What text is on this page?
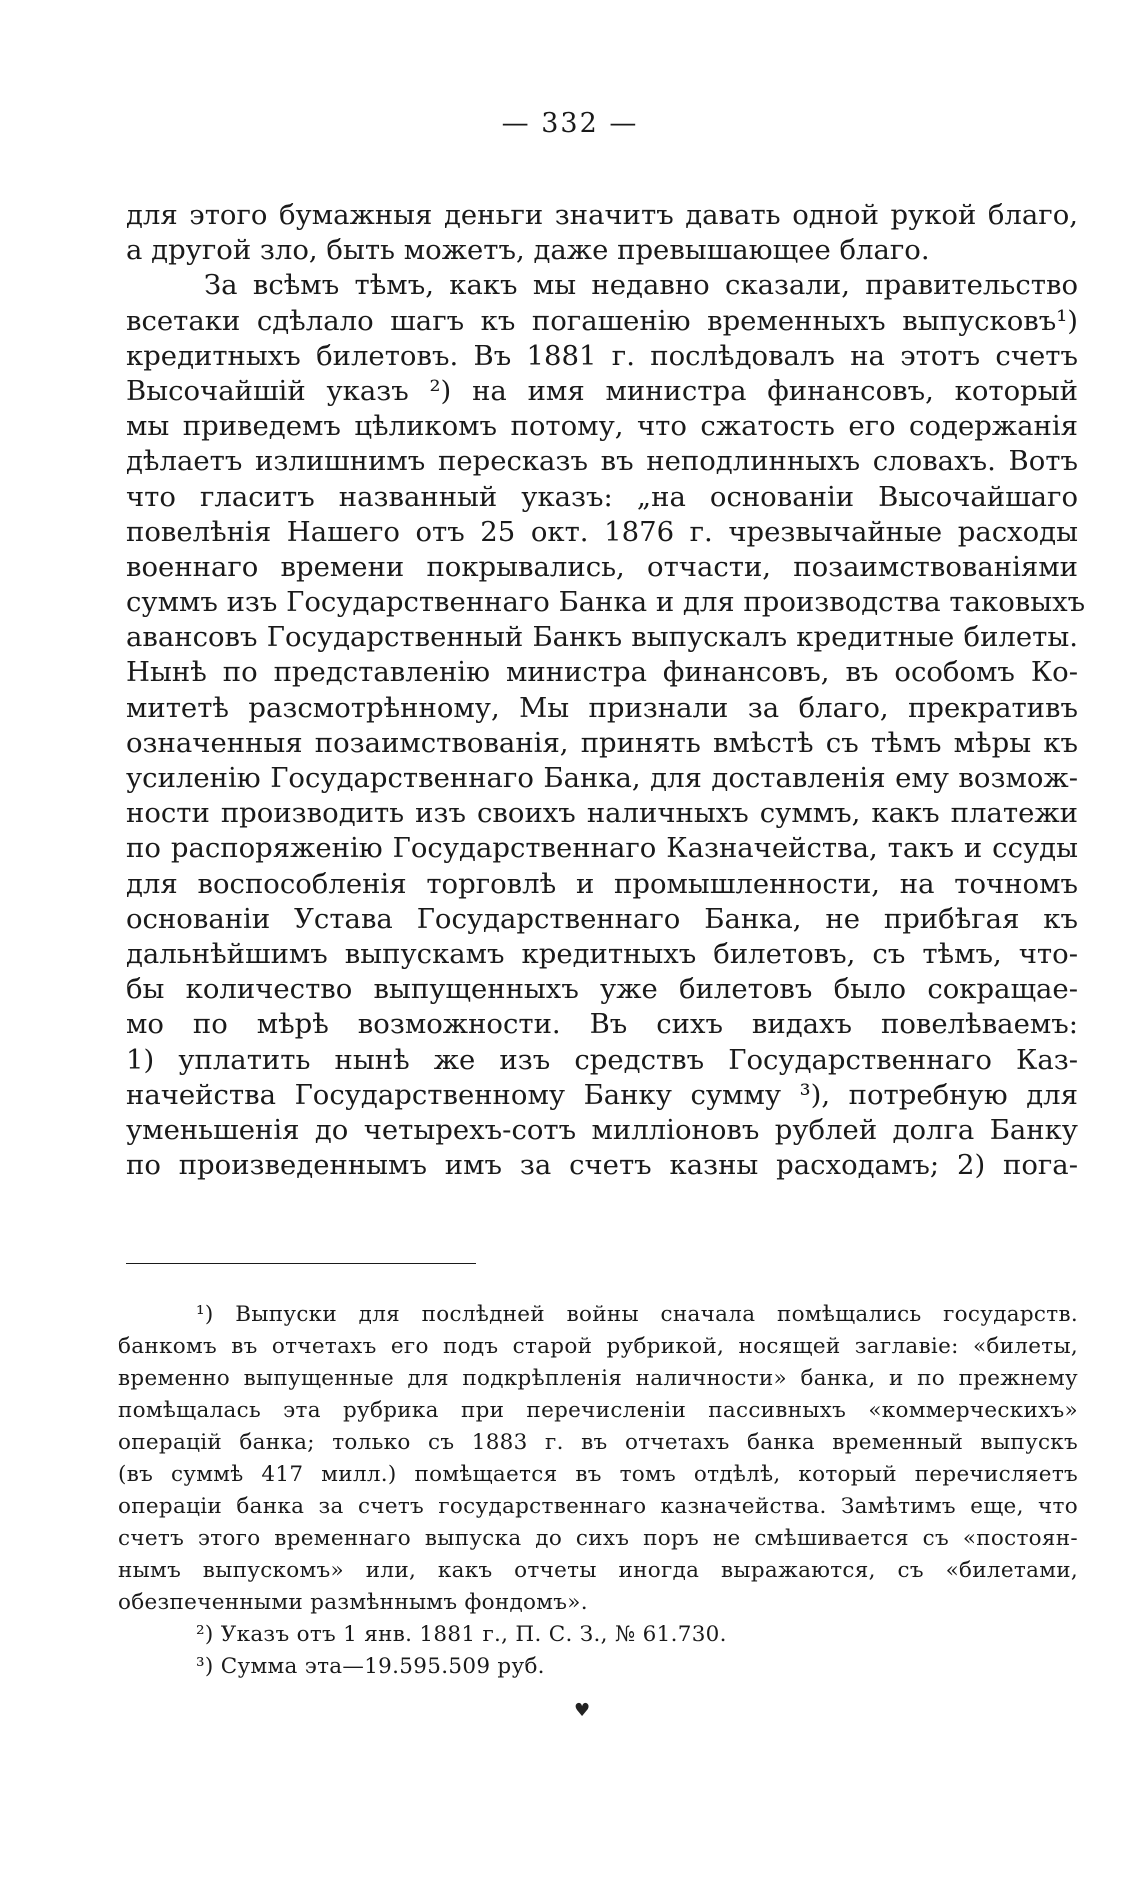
— 332 —
для этого бумажныя деньги значитъ давать одной рукой благо,
а другой зло, быть можетъ, даже превышающее благо.
За всѣмъ тѣмъ, какъ мы недавно сказали, правительство
всетаки сдѣлало шагъ къ погашенію временныхъ выпусковъ¹)
кредитныхъ билетовъ. Въ 1881 г. послѣдовалъ на этотъ счетъ
Высочайшій указъ ²) на имя министра финансовъ, который
мы приведемъ цѣликомъ потому, что сжатость его содержанія
дѣлаетъ излишнимъ пересказъ въ неподлинныхъ словахъ. Вотъ
что гласитъ названный указъ: „на основаніи Высочайшаго
повелѣнія Нашего отъ 25 окт. 1876 г. чрезвычайные расходы
военнаго времени покрывались, отчасти, позаимствованіями
суммъ изъ Государственнаго Банка и для производства таковыхъ
авансовъ Государственный Банкъ выпускалъ кредитные билеты.
Нынѣ по представленію министра финансовъ, въ особомъ Ко-
митетѣ разсмотрѣнному, Мы признали за благо, прекративъ
означенныя позаимствованія, принять вмѣстѣ съ тѣмъ мѣры къ
усиленію Государственнаго Банка, для доставленія ему возмож-
ности производить изъ своихъ наличныхъ суммъ, какъ платежи
по распоряженію Государственнаго Казначейства, такъ и ссуды
для воспособленія торговлѣ и промышленности, на точномъ
основаніи Устава Государственнаго Банка, не прибѣгая къ
дальнѣйшимъ выпускамъ кредитныхъ билетовъ, съ тѣмъ, что-
бы количество выпущенныхъ уже билетовъ было сокращае-
мо по мѣрѣ возможности. Въ сихъ видахъ повелѣваемъ:
1) уплатить нынѣ же изъ средствъ Государственнаго Каз-
начейства Государственному Банку сумму ³), потребную для
уменьшенія до четырехъ-сотъ милліоновъ рублей долга Банку
по произведеннымъ имъ за счетъ казны расходамъ; 2) пога-
¹) Выпуски для послѣдней войны сначала помѣщались государств.
банкомъ въ отчетахъ его подъ старой рубрикой, носящей заглавіе: «билеты,
временно выпущенные для подкрѣпленія наличности» банка, и по прежнему
помѣщалась эта рубрика при перечисленіи пассивныхъ «коммерческихъ»
операцій банка; только съ 1883 г. въ отчетахъ банка временный выпускъ
(въ суммѣ 417 милл.) помѣщается въ томъ отдѣлѣ, который перечисляетъ
операціи банка за счетъ государственнаго казначейства. Замѣтимъ еще, что
счетъ этого временнаго выпуска до сихъ поръ не смѣшивается съ «постоян-
нымъ выпускомъ» или, какъ отчеты иногда выражаются, съ «билетами,
обезпеченными размѣннымъ фондомъ».
²) Указъ отъ 1 янв. 1881 г., П. С. З., № 61.730.
³) Сумма эта—19.595.509 руб.
♥
